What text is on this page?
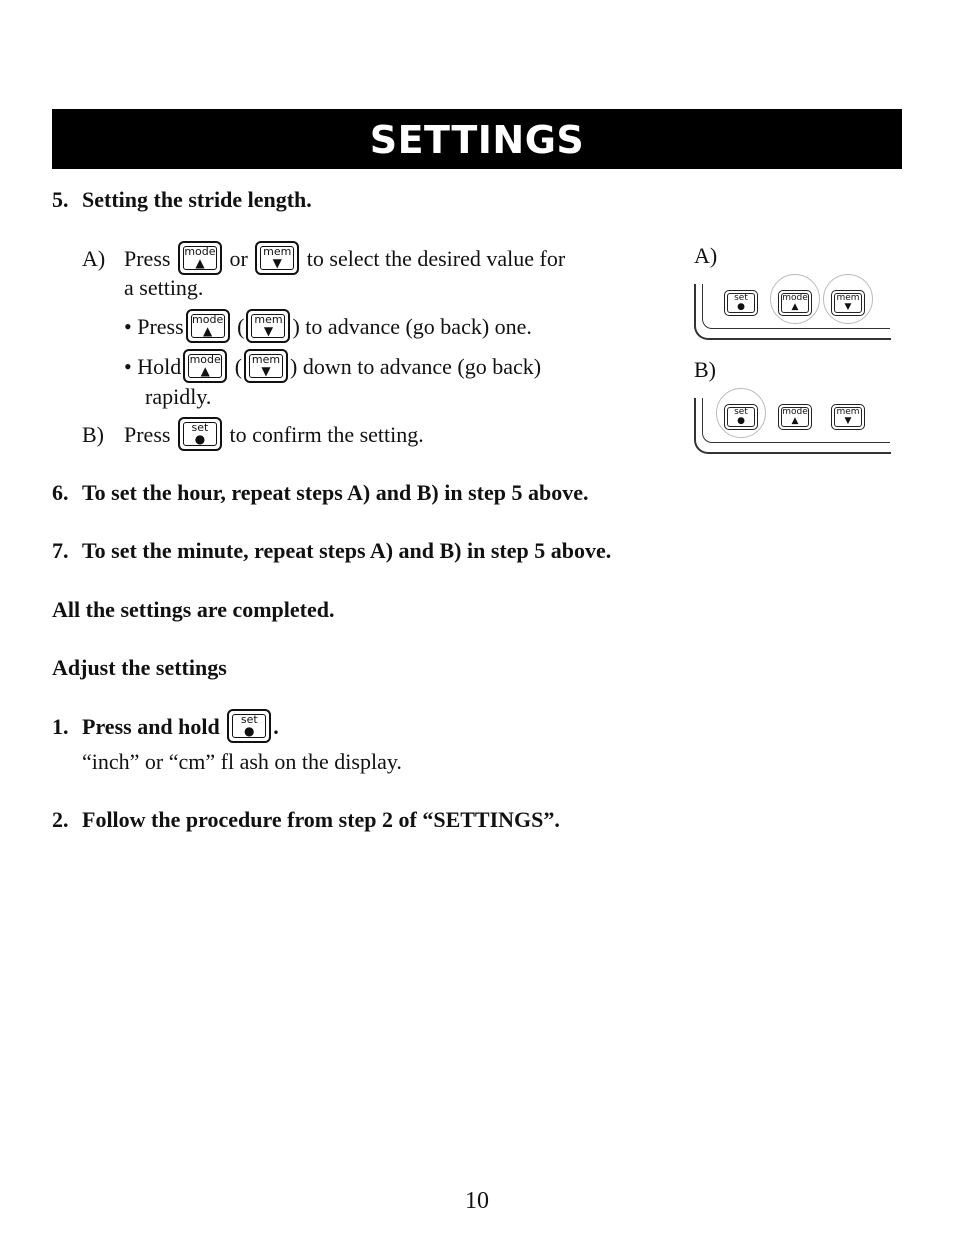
SETTINGS
5. Setting the stride length.
A) Press	mode
▲	or	mem
▼	to select the desired value for
a setting.
• Press mode
▲	( mem
▼ ) to advance (go back) one.
• Hold mode
▲	( mem
▼ ) down to advance (go back)
rapidly.
B) Press	set
●	to confirm the setting.
A)
set
●
mode
▲
mem
▼
B)
set
●
mode
▲
mem
▼
6. To set the hour, repeat steps A) and B) in step 5 above.
7. To set the minute, repeat steps A) and B) in step 5 above.
All the settings are completed.
Adjust the settings
1. Press and hold	set
● .
“inch” or “cm” fl ash on the display.
2. Follow the procedure from step 2 of “SETTINGS”.
10
